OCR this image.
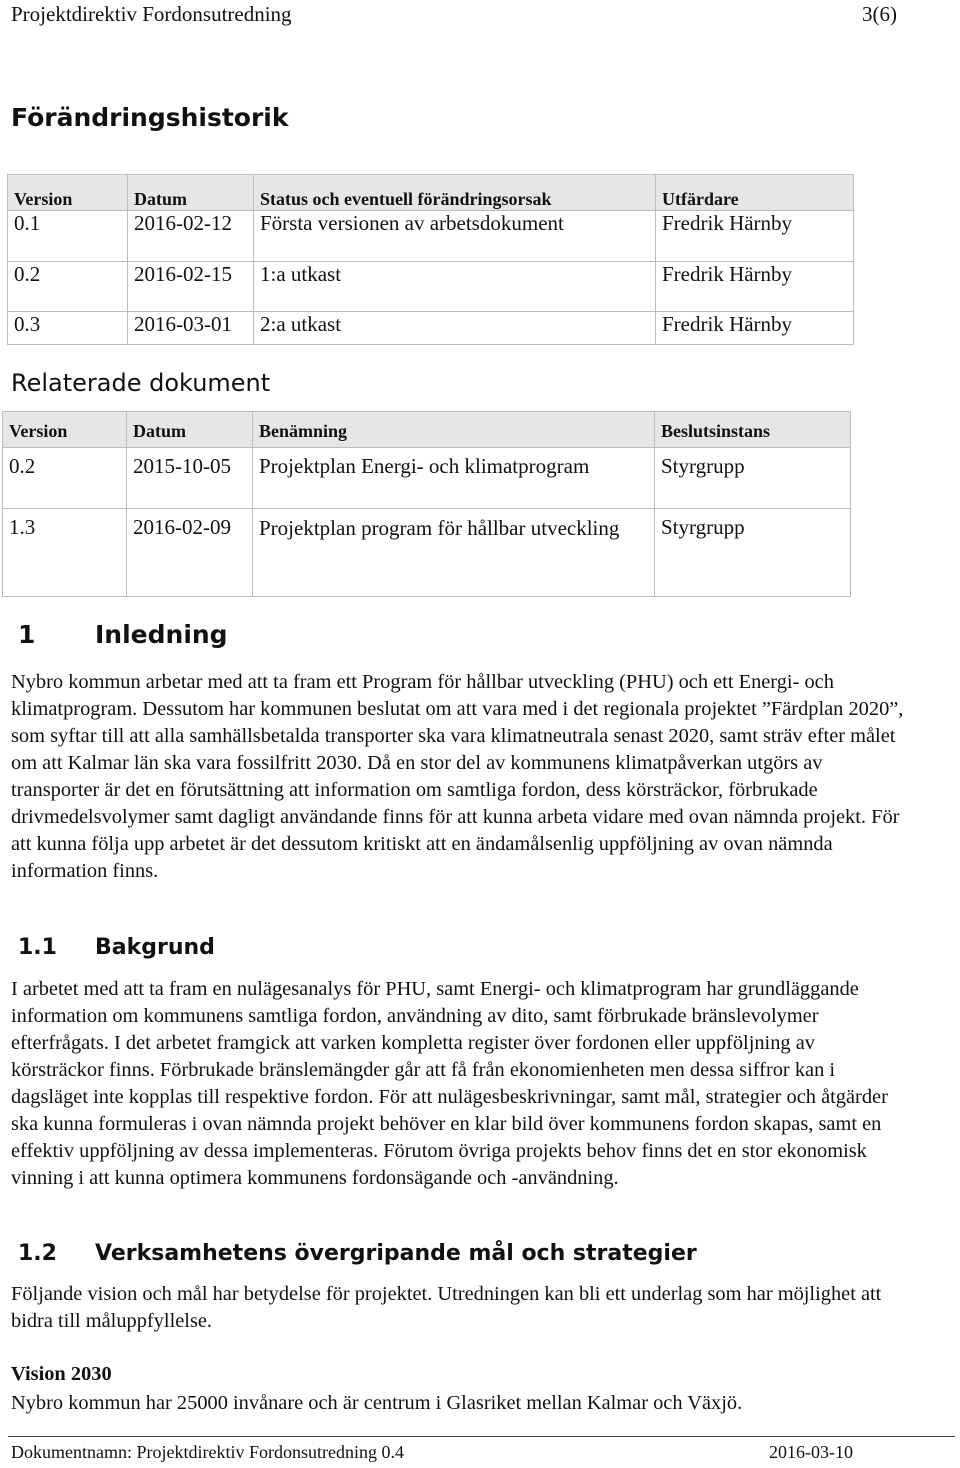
Projektdirektiv Fordonsutredning	3(6)
Förändringshistorik
Version	Datum	Status och eventuell förändringsorsak	Utfärdare
0.1	2016-02-12	Första versionen av arbetsdokument	Fredrik Härnby
0.2	2016-02-15	1:a utkast	Fredrik Härnby
0.3	2016-03-01	2:a utkast	Fredrik Härnby
Relaterade dokument
Version	Datum	Benämning	Beslutsinstans
0.2	2015-10-05	Projektplan Energi- och klimatprogram	Styrgrupp
1.3	2016-02-09	Projektplan program för hållbar utveckling	Styrgrupp
1 Inledning
Nybro kommun arbetar med att ta fram ett Program för hållbar utveckling (PHU) och ett Energi- och klimatprogram. Dessutom har kommunen beslutat om att vara med i det regionala projektet ”Färdplan 2020”, som syftar till att alla samhällsbetalda transporter ska vara klimatneutrala senast 2020, samt sträv efter målet om att Kalmar län ska vara fossilfritt 2030. Då en stor del av kommunens klimatpåverkan utgörs av transporter är det en förutsättning att information om samtliga fordon, dess körsträckor, förbrukade drivmedelsvolymer samt dagligt användande finns för att kunna arbeta vidare med ovan nämnda projekt. För att kunna följa upp arbetet är det dessutom kritiskt att en ändamålsenlig uppföljning av ovan nämnda information finns.
1.1 Bakgrund
I arbetet med att ta fram en nulägesanalys för PHU, samt Energi- och klimatprogram har grundläggande information om kommunens samtliga fordon, användning av dito, samt förbrukade bränslevolymer efterfrågats. I det arbetet framgick att varken kompletta register över fordonen eller uppföljning av körsträckor finns. Förbrukade bränslemängder går att få från ekonomienheten men dessa siffror kan i dagsläget inte kopplas till respektive fordon. För att nulägesbeskrivningar, samt mål, strategier och åtgärder ska kunna formuleras i ovan nämnda projekt behöver en klar bild över kommunens fordon skapas, samt en effektiv uppföljning av dessa implementeras. Förutom övriga projekts behov finns det en stor ekonomisk vinning i att kunna optimera kommunens fordonsägande och -användning.
1.2 Verksamhetens övergripande mål och strategier
Följande vision och mål har betydelse för projektet. Utredningen kan bli ett underlag som har möjlighet att bidra till måluppfyllelse.
Vision 2030
Nybro kommun har 25000 invånare och är centrum i Glasriket mellan Kalmar och Växjö.
Dokumentnamn: Projektdirektiv Fordonsutredning 0.4	2016-03-10
